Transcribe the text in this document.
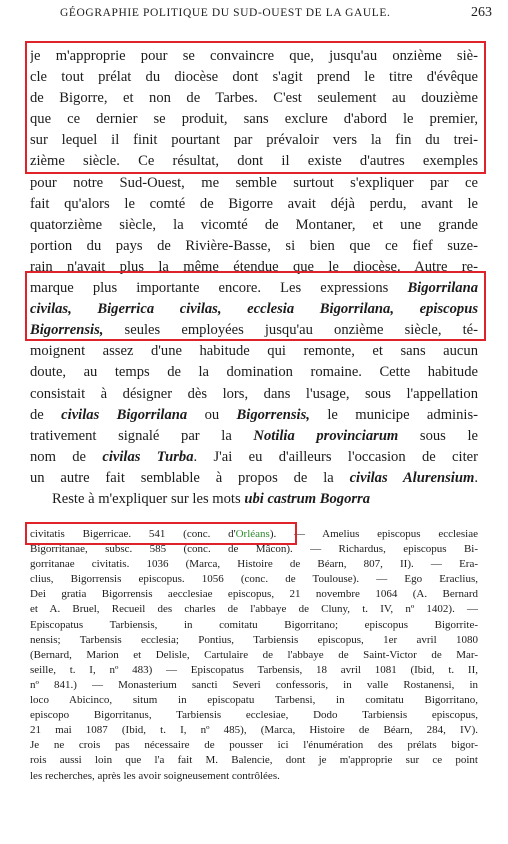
GÉOGRAPHIE POLITIQUE DU SUD-OUEST DE LA GAULE.	263
je m'approprie pour se convaincre que, jusqu'au onzième siè-
cle tout prélat du diocèse dont s'agit prend le titre d'évêque
de Bigorre, et non de Tarbes. C'est seulement au douzième
que ce dernier se produit, sans exclure d'abord le premier,
sur lequel il finit pourtant par prévaloir vers la fin du trei-
zième siècle. Ce résultat, dont il existe d'autres exemples
pour notre Sud-Ouest, me semble surtout s'expliquer par ce
fait qu'alors le comté de Bigorre avait déjà perdu, avant le
quatorzième siècle, la vicomté de Montaner, et une grande
portion du pays de Rivière-Basse, si bien que ce fief suze-
rain n'avait plus la même étendue que le diocèse. Autre re-
marque plus importante encore. Les expressions Bigorrilana
civilas, Bigerrica civilas, ecclesia Bigorrilana, episcopus
Bigorrensis, seules employées jusqu'au onzième siècle, té-
moignent assez d'une habitude qui remonte, et sans aucun
doute, au temps de la domination romaine. Cette habitude
consistait à désigner dès lors, dans l'usage, sous l'appellation
de civilas Bigorrilana ou Bigorrensis, le municipe adminis-
trativement signalé par la Notilia provinciarum sous le
nom de civilas Turba. J'ai eu d'ailleurs l'occasion de citer
un autre fait semblable à propos de la civilas Alurensium.
Reste à m'expliquer sur les mots ubi castrum Bogorra
civitatis Bigerricae. 541 (conc. d'Orléans). — Amelius episcopus ecclesiae
Bigorritanae, subsc. 585 (conc. de Mâcon). — Richardus, episcopus Bi-
gorritanae civitatis. 1036 (Marca, Histoire de Béarn, 807, II). — Era-
clius, Bigorrensis episcopus. 1056 (conc. de Toulouse). — Ego Eraclius,
Dei gratia Bigorrensis aecclesiae episcopus, 21 novembre 1064 (A. Bernard
et A. Bruel, Recueil des charles de l'abbaye de Cluny, t. IV, nº 1402). —
Episcopatus Tarbiensis, in comitatu Bigorritano; episcopus Bigorrite-
nensis; Tarbensis ecclesia; Pontius, Tarbiensis episcopus, 1er avril 1080
(Bernard, Marion et Delisle, Cartulaire de l'abbaye de Saint-Victor de Mar-
seille, t. I, nº 483) — Episcopatus Tarbensis, 18 avril 1081 (Ibid, t. II,
nº 841.) — Monasterium sancti Severi confessoris, in valle Rostanensi, in
loco Abicinco, situm in episcopatu Tarbensi, in comitatu Bigorritano,
episcopo Bigorritanus, Tarbiensis ecclesiae, Dodo Tarbiensis episcopus,
21 mai 1087 (Ibid, t. I, nº 485), (Marca, Histoire de Béarn, 284, IV).
Je ne crois pas nécessaire de pousser ici l'énumération des prélats bigor-
rois aussi loin que l'a fait M. Balencie, dont je m'approprie sur ce point
les recherches, après les avoir soigneusement contrôlées.
